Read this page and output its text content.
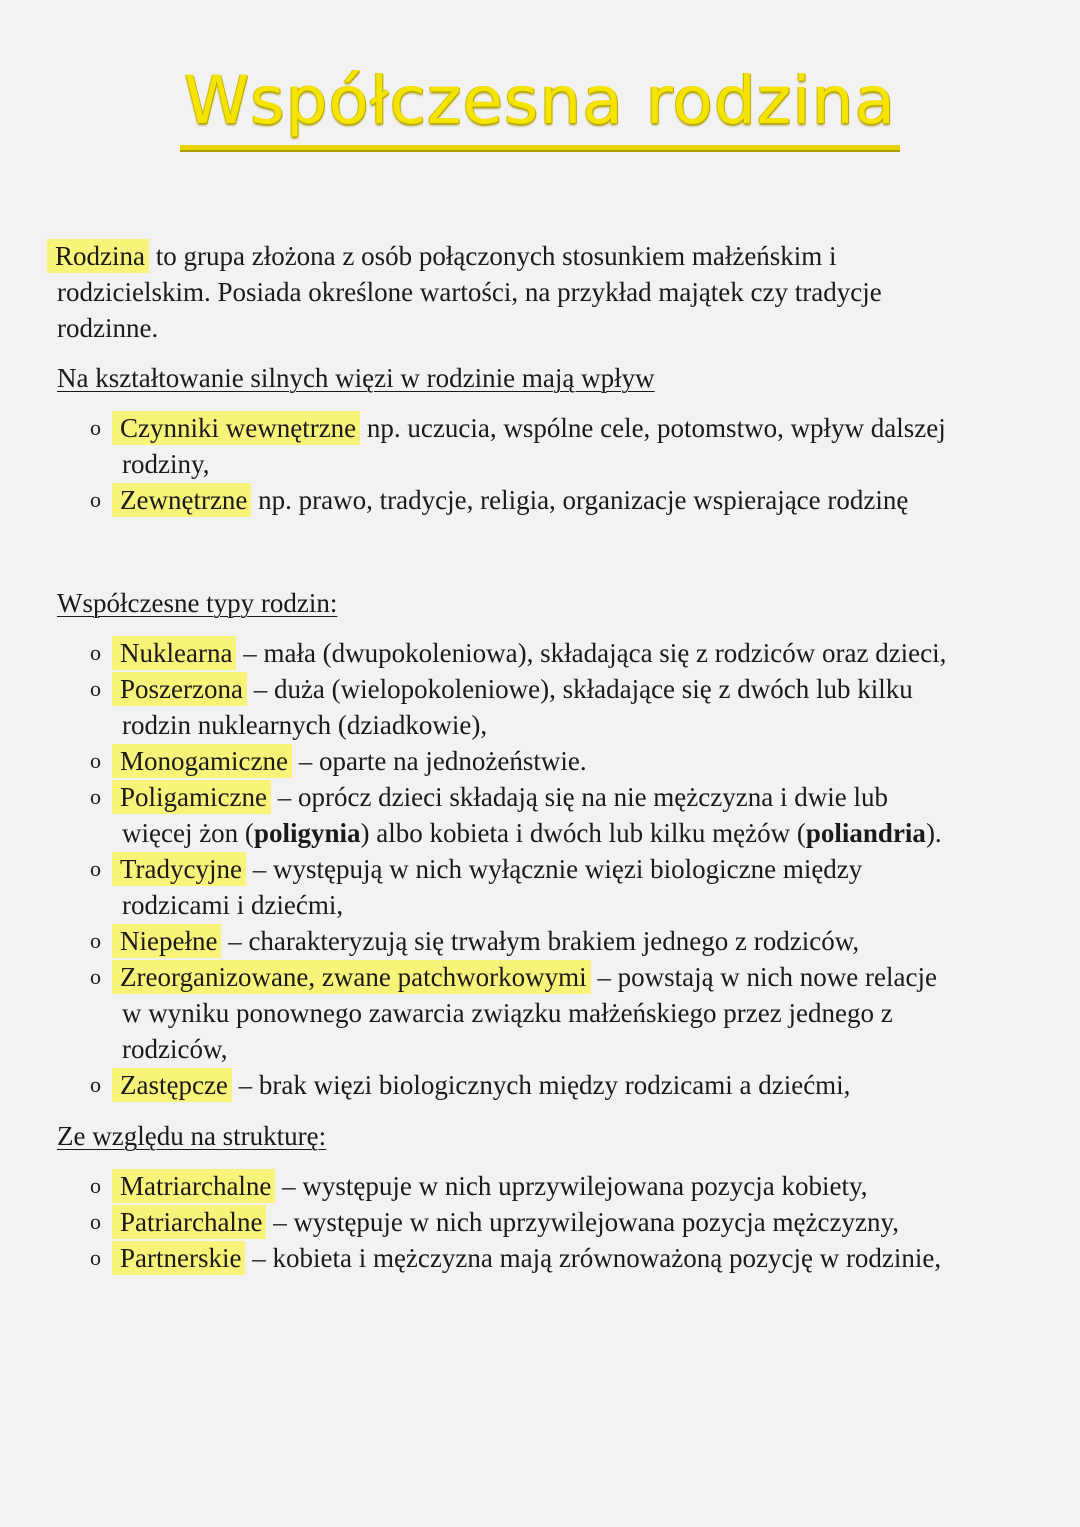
Współczesna rodzina
Rodzina to grupa złożona z osób połączonych stosunkiem małżeńskim i
rodzicielskim. Posiada określone wartości, na przykład majątek czy tradycje
rodzinne.
Na kształtowanie silnych więzi w rodzinie mają wpływ
o Czynniki wewnętrzne np. uczucia, wspólne cele, potomstwo, wpływ dalszej
rodziny,
o Zewnętrzne np. prawo, tradycje, religia, organizacje wspierające rodzinę
Współczesne typy rodzin:
o Nuklearna – mała (dwupokoleniowa), składająca się z rodziców oraz dzieci,
o Poszerzona – duża (wielopokoleniowe), składające się z dwóch lub kilku
rodzin nuklearnych (dziadkowie),
o Monogamiczne – oparte na jednożeństwie.
o Poligamiczne – oprócz dzieci składają się na nie mężczyzna i dwie lub
więcej żon (poligynia) albo kobieta i dwóch lub kilku mężów (poliandria).
o Tradycyjne – występują w nich wyłącznie więzi biologiczne między
rodzicami i dziećmi,
o Niepełne – charakteryzują się trwałym brakiem jednego z rodziców,
o Zreorganizowane, zwane patchworkowymi – powstają w nich nowe relacje
w wyniku ponownego zawarcia związku małżeńskiego przez jednego z
rodziców,
o Zastępcze – brak więzi biologicznych między rodzicami a dziećmi,
Ze względu na strukturę:
o Matriarchalne – występuje w nich uprzywilejowana pozycja kobiety,
o Patriarchalne – występuje w nich uprzywilejowana pozycja mężczyzny,
o Partnerskie – kobieta i mężczyzna mają zrównoważoną pozycję w rodzinie,
